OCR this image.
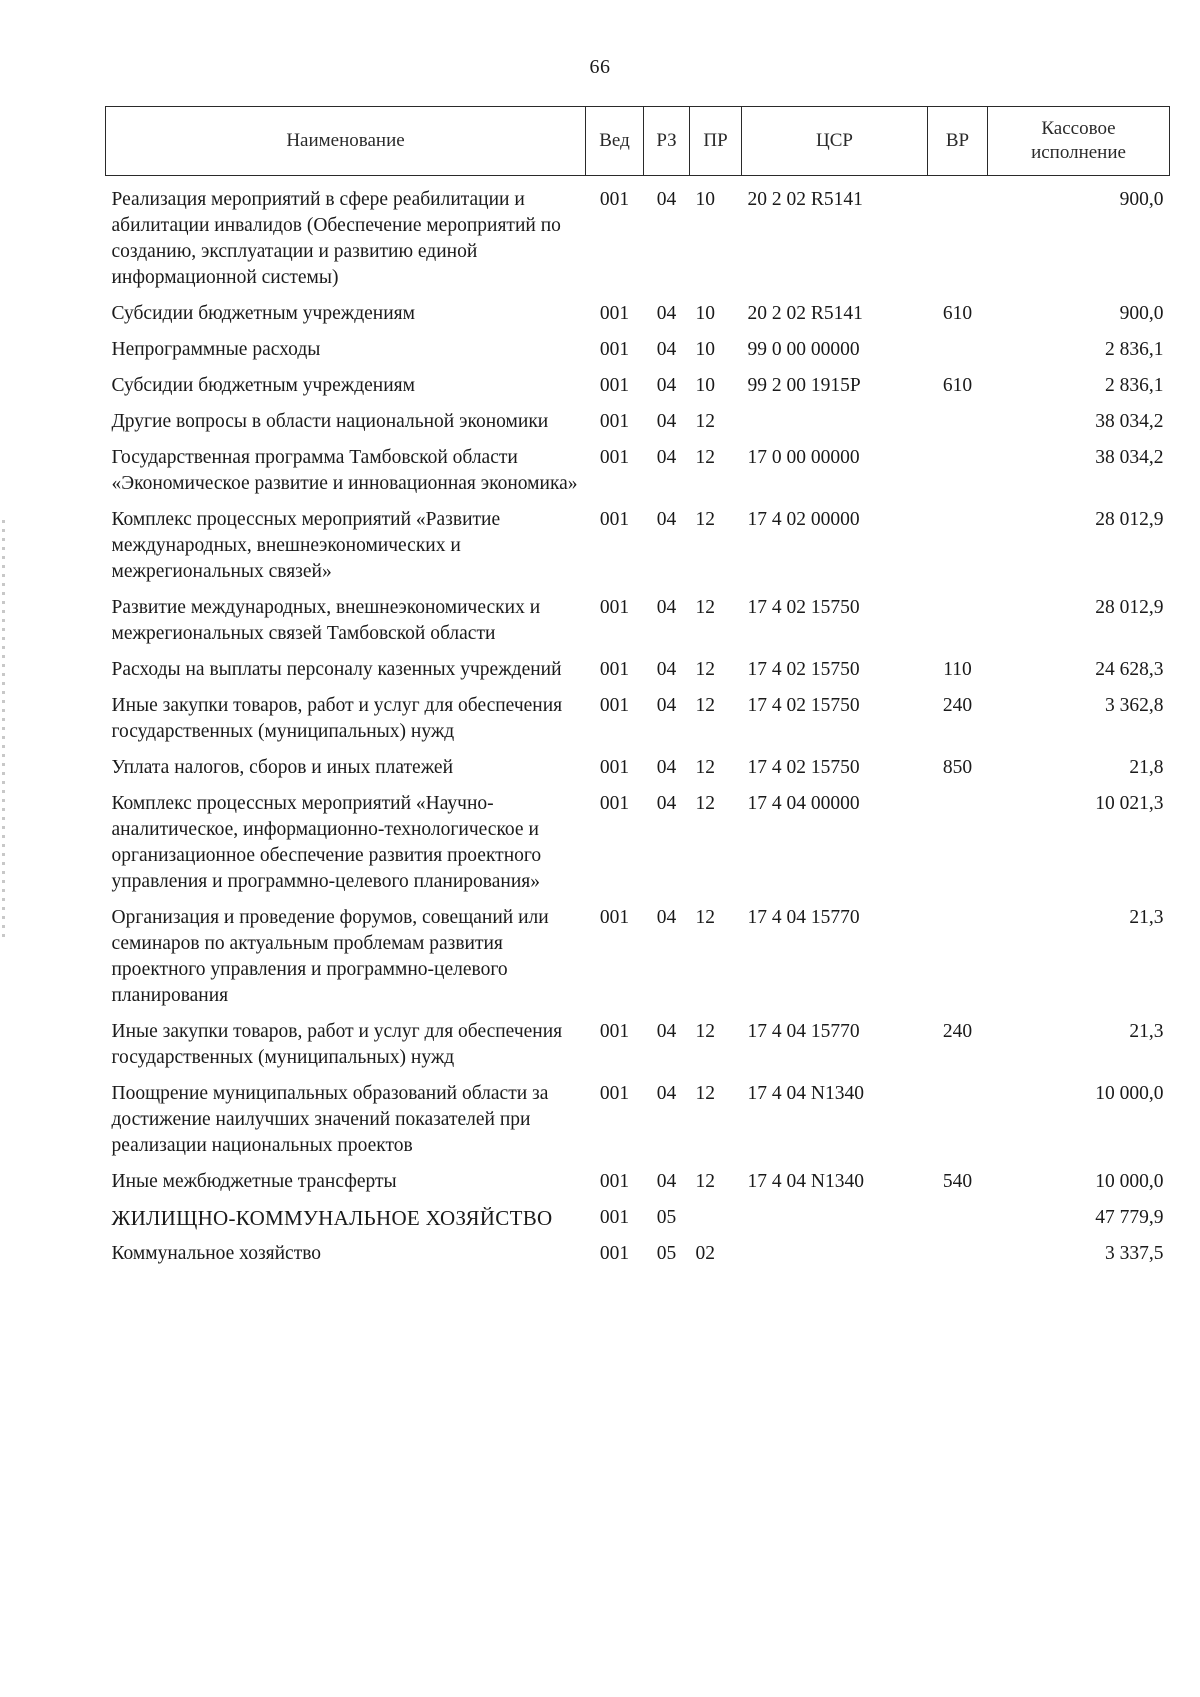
66
Наименование	Вед	РЗ	ПР	ЦСР	ВР	Кассовое исполнение
Реализация мероприятий в сфере реабилитации и абилитации инвалидов (Обеспечение мероприятий по созданию, эксплуатации и развитию единой информационной системы)	001	04	10	20 2 02 R5141		900,0
Субсидии бюджетным учреждениям	001	04	10	20 2 02 R5141	610	900,0
Непрограммные расходы	001	04	10	99 0 00 00000		2 836,1
Субсидии бюджетным учреждениям	001	04	10	99 2 00 1915Р	610	2 836,1
Другие вопросы в области национальной экономики	001	04	12			38 034,2
Государственная программа Тамбовской области «Экономическое развитие и инновационная экономика»	001	04	12	17 0 00 00000		38 034,2
Комплекс процессных мероприятий «Развитие международных, внешнеэкономических и межрегиональных связей»	001	04	12	17 4 02 00000		28 012,9
Развитие международных, внешнеэкономических и межрегиональных связей Тамбовской области	001	04	12	17 4 02 15750		28 012,9
Расходы на выплаты персоналу казенных учреждений	001	04	12	17 4 02 15750	110	24 628,3
Иные закупки товаров, работ и услуг для обеспечения государственных (муниципальных) нужд	001	04	12	17 4 02 15750	240	3 362,8
Уплата налогов, сборов и иных платежей	001	04	12	17 4 02 15750	850	21,8
Комплекс процессных мероприятий «Научно-аналитическое, информационно-технологическое и организационное обеспечение развития проектного управления и программно-целевого планирования»	001	04	12	17 4 04 00000		10 021,3
Организация и проведение форумов, совещаний или семинаров по актуальным проблемам развития проектного управления и программно-целевого планирования	001	04	12	17 4 04 15770		21,3
Иные закупки товаров, работ и услуг для обеспечения государственных (муниципальных) нужд	001	04	12	17 4 04 15770	240	21,3
Поощрение муниципальных образований области за достижение наилучших значений показателей при реализации национальных проектов	001	04	12	17 4 04 N1340		10 000,0
Иные межбюджетные трансферты	001	04	12	17 4 04 N1340	540	10 000,0
ЖИЛИЩНО-КОММУНАЛЬНОЕ ХОЗЯЙСТВО	001	05				47 779,9
Коммунальное хозяйство	001	05	02			3 337,5
